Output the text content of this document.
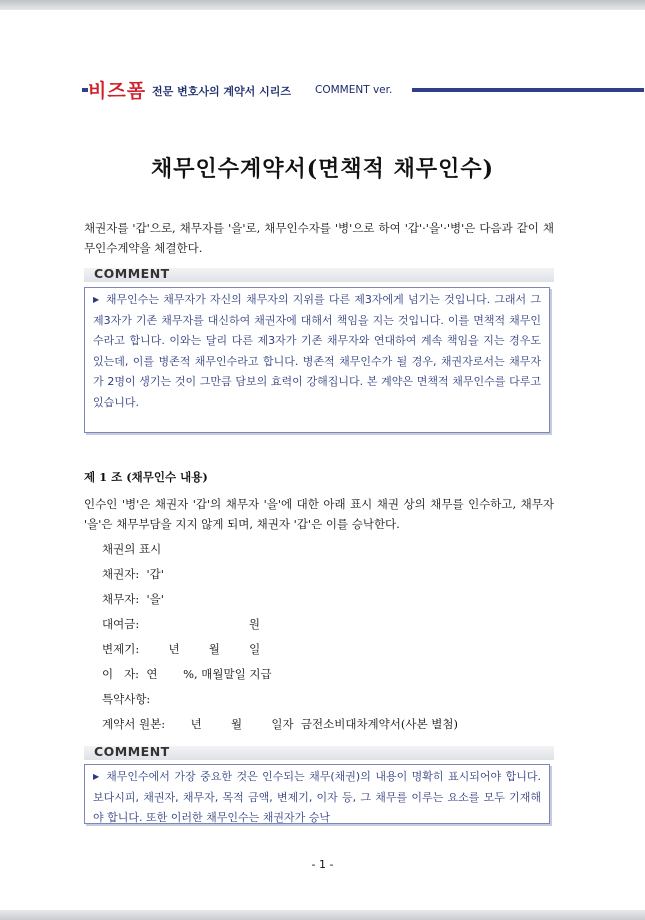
비즈폼 전문 변호사의 계약서 시리즈 COMMENT ver.
채무인수계약서(면책적 채무인수)
채권자를 '갑'으로, 채무자를 '을'로, 채무인수자를 '병'으로 하여 '갑'·'을'·'병'은 다음과 같이 채무인수계약을 체결한다.
COMMENT
▶ 채무인수는 채무자가 자신의 채무자의 지위를 다른 제3자에게 넘기는 것입니다. 그래서 그 제3자가 기존 채무자를 대신하여 채권자에 대해서 책임을 지는 것입니다. 이를 면책적 채무인수라고 합니다. 이와는 달리 다른 제3자가 기존 채무자와 연대하여 계속 책임을 지는 경우도 있는데, 이를 병존적 채무인수라고 합니다. 병존적 채무인수가 될 경우, 채권자로서는 채무자가 2명이 생기는 것이 그만큼 담보의 효력이 강해집니다. 본 계약은 면책적 채무인수를 다루고 있습니다.
제 1 조 (채무인수 내용)
인수인 '병'은 채권자 '갑'의 채무자 '을'에 대한 아래 표시 채권 상의 채무를 인수하고, 채무자 '을'은 채무부담을 지지 않게 되며, 채권자 '갑'은 이를 승낙한다.
채권의 표시
채권자:  '갑'
채무자:  '을'
대여금:                              원
변제기:        년        월        일
이   자:  연       %, 매월말일 지급
특약사항:
계약서 원본:       년        월        일자  금전소비대차계약서(사본 별첨)
COMMENT
▶ 채무인수에서 가장 중요한 것은 인수되는 채무(채권)의 내용이 명확히 표시되어야 합니다. 보다시피, 채권자, 채무자, 목적 금액, 변제기, 이자 등, 그 채무를 이루는 요소를 모두 기재해야 합니다. 또한 이러한 채무인수는 채권자가 승낙
- 1 -
